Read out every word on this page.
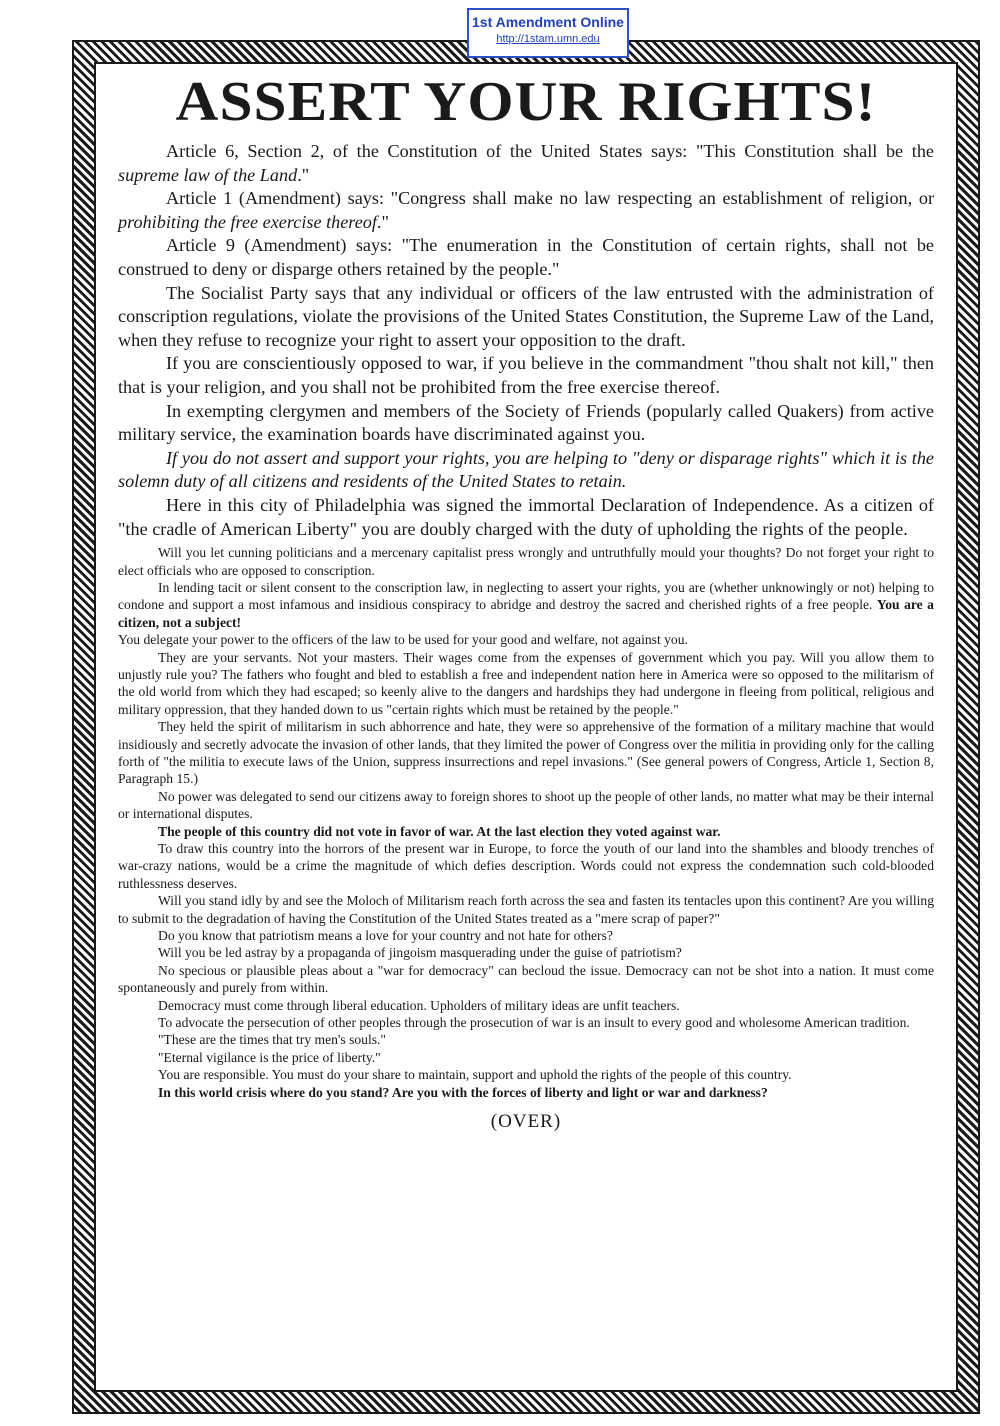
1st Amendment Online
http://1stam.umn.edu
ASSERT YOUR RIGHTS!

Article 6, Section 2, of the Constitution of the United States says: "This Constitution shall be the supreme law of the Land."

Article 1 (Amendment) says: "Congress shall make no law respecting an establishment of religion, or prohibiting the free exercise thereof."

Article 9 (Amendment) says: "The enumeration in the Constitution of certain rights, shall not be construed to deny or disparge others retained by the people."

The Socialist Party says that any individual or officers of the law entrusted with the administration of conscription regulations, violate the provisions of the United States Constitution, the Supreme Law of the Land, when they refuse to recognize your right to assert your opposition to the draft.

If you are conscientiously opposed to war, if you believe in the commandment "thou shalt not kill," then that is your religion, and you shall not be prohibited from the free exercise thereof.

In exempting clergymen and members of the Society of Friends (popularly called Quakers) from active military service, the examination boards have discriminated against you.

If you do not assert and support your rights, you are helping to "deny or disparage rights" which it is the solemn duty of all citizens and residents of the United States to retain.

Here in this city of Philadelphia was signed the immortal Declaration of Independence. As a citizen of "the cradle of American Liberty" you are doubly charged with the duty of upholding the rights of the people.

Will you let cunning politicians and a mercenary capitalist press wrongly and untruthfully mould your thoughts? Do not forget your right to elect officials who are opposed to conscription.

In lending tacit or silent consent to the conscription law, in neglecting to assert your rights, you are (whether unknowingly or not) helping to condone and support a most infamous and insidious conspiracy to abridge and destroy the sacred and cherished rights of a free people. You are a citizen, not a subject!

You delegate your power to the officers of the law to be used for your good and welfare, not against you.

They are your servants. Not your masters. Their wages come from the expenses of government which you pay. Will you allow them to unjustly rule you? The fathers who fought and bled to establish a free and independent nation here in America were so opposed to the militarism of the old world from which they had escaped; so keenly alive to the dangers and hardships they had undergone in fleeing from political, religious and military oppression, that they handed down to us "certain rights which must be retained by the people."

They held the spirit of militarism in such abhorrence and hate, they were so apprehensive of the formation of a military machine that would insidiously and secretly advocate the invasion of other lands, that they limited the power of Congress over the militia in providing only for the calling forth of "the militia to execute laws of the Union, suppress insurrections and repel invasions." (See general powers of Congress, Article 1, Section 8, Paragraph 15.)

No power was delegated to send our citizens away to foreign shores to shoot up the people of other lands, no matter what may be their internal or international disputes.

The people of this country did not vote in favor of war. At the last election they voted against war.

To draw this country into the horrors of the present war in Europe, to force the youth of our land into the shambles and bloody trenches of war-crazy nations, would be a crime the magnitude of which defies description. Words could not express the condemnation such cold-blooded ruthlessness deserves.

Will you stand idly by and see the Moloch of Militarism reach forth across the sea and fasten its tentacles upon this continent? Are you willing to submit to the degradation of having the Constitution of the United States treated as a "mere scrap of paper?"

Do you know that patriotism means a love for your country and not hate for others?

Will you be led astray by a propaganda of jingoism masquerading under the guise of patriotism?

No specious or plausible pleas about a "war for democracy" can becloud the issue. Democracy can not be shot into a nation. It must come spontaneously and purely from within.

Democracy must come through liberal education. Upholders of military ideas are unfit teachers.

To advocate the persecution of other peoples through the prosecution of war is an insult to every good and wholesome American tradition.

"These are the times that try men's souls."

"Eternal vigilance is the price of liberty."

You are responsible. You must do your share to maintain, support and uphold the rights of the people of this country.

In this world crisis where do you stand? Are you with the forces of liberty and light or war and darkness?

(OVER)
